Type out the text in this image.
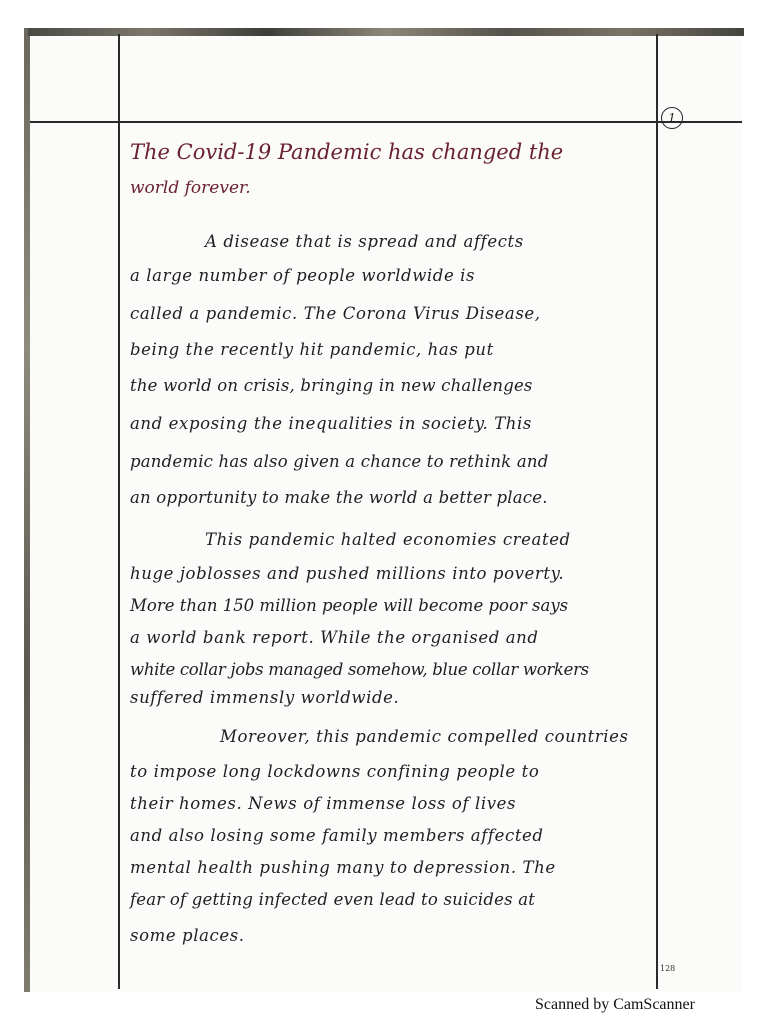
1
The Covid-19 Pandemic has changed the
world forever.
A disease that is spread and affects
a large number of people worldwide is
called a pandemic. The Corona Virus Disease,
being the recently hit pandemic, has put
the world on crisis, bringing in new challenges
and exposing the inequalities in society. This
pandemic has also given a chance to rethink and
an opportunity to make the world a better place.
This pandemic halted economies created
huge joblosses and pushed millions into poverty.
More than 150 million people will become poor says
a world bank report. While the organised and
white collar jobs managed somehow, blue collar workers
suffered immensly worldwide.
Moreover, this pandemic compelled countries
to impose long lockdowns confining people to
their homes. News of immense loss of lives
and also losing some family members affected
mental health pushing many to depression. The
fear of getting infected even lead to suicides at
some places.
128
Scanned by CamScanner
